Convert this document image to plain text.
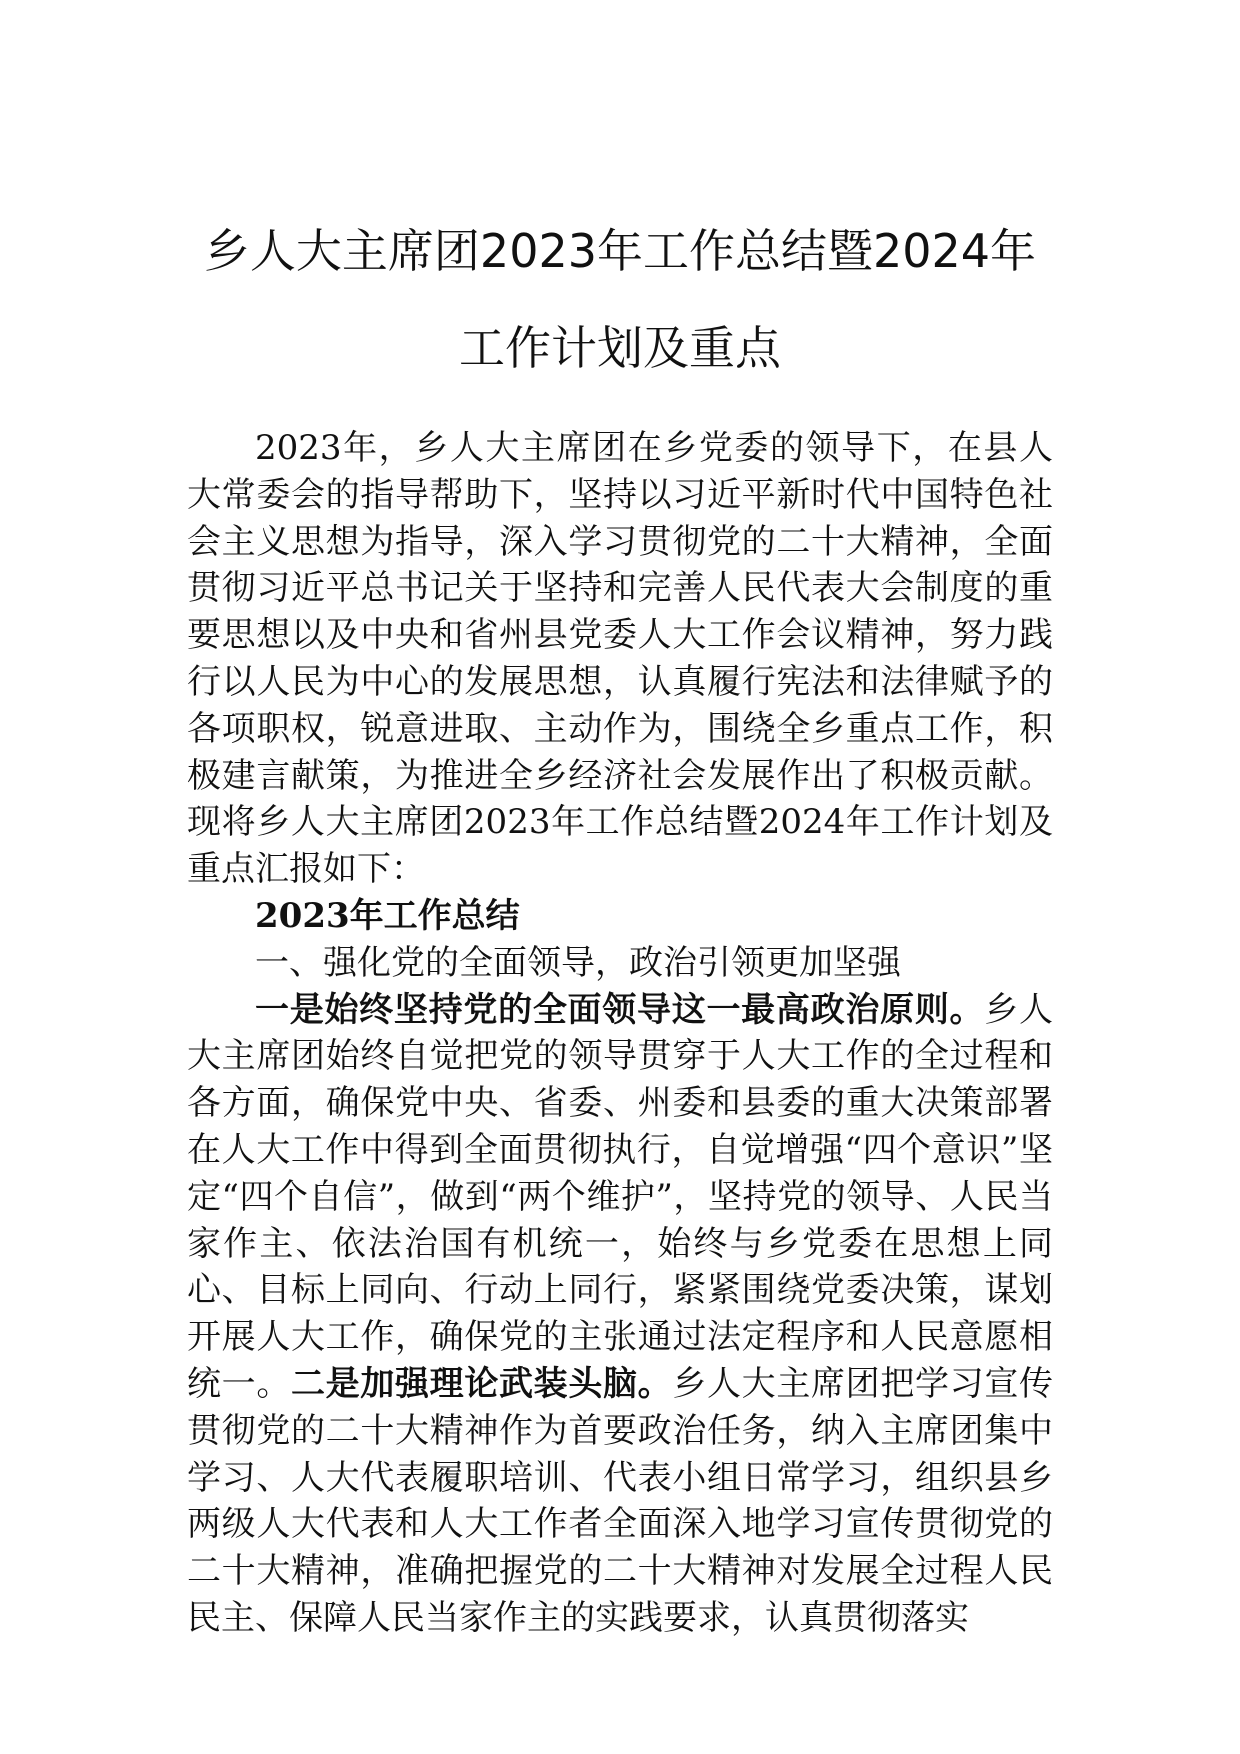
乡人大主席团2023年工作总结暨2024年工作计划及重点

2023年，乡人大主席团在乡党委的领导下，在县人大常委会的指导帮助下，坚持以习近平新时代中国特色社会主义思想为指导，深入学习贯彻党的二十大精神，全面贯彻习近平总书记关于坚持和完善人民代表大会制度的重要思想以及中央和省州县党委人大工作会议精神，努力践行以人民为中心的发展思想，认真履行宪法和法律赋予的各项职权，锐意进取、主动作为，围绕全乡重点工作，积极建言献策，为推进全乡经济社会发展作出了积极贡献。现将乡人大主席团2023年工作总结暨2024年工作计划及重点汇报如下：

2023年工作总结

一、强化党的全面领导，政治引领更加坚强

一是始终坚持党的全面领导这一最高政治原则。乡人大主席团始终自觉把党的领导贯穿于人大工作的全过程和各方面，确保党中央、省委、州委和县委的重大决策部署在人大工作中得到全面贯彻执行，自觉增强“四个意识”坚定“四个自信”，做到“两个维护”，坚持党的领导、人民当家作主、依法治国有机统一，始终与乡党委在思想上同心、目标上同向、行动上同行，紧紧围绕党委决策，谋划开展人大工作，确保党的主张通过法定程序和人民意愿相统一。二是加强理论武装头脑。乡人大主席团把学习宣传贯彻党的二十大精神作为首要政治任务，纳入主席团集中学习、人大代表履职培训、代表小组日常学习，组织县乡两级人大代表和人大工作者全面深入地学习宣传贯彻党的二十大精神，准确把握党的二十大精神对发展全过程人民民主、保障人民当家作主的实践要求，认真贯彻落实
